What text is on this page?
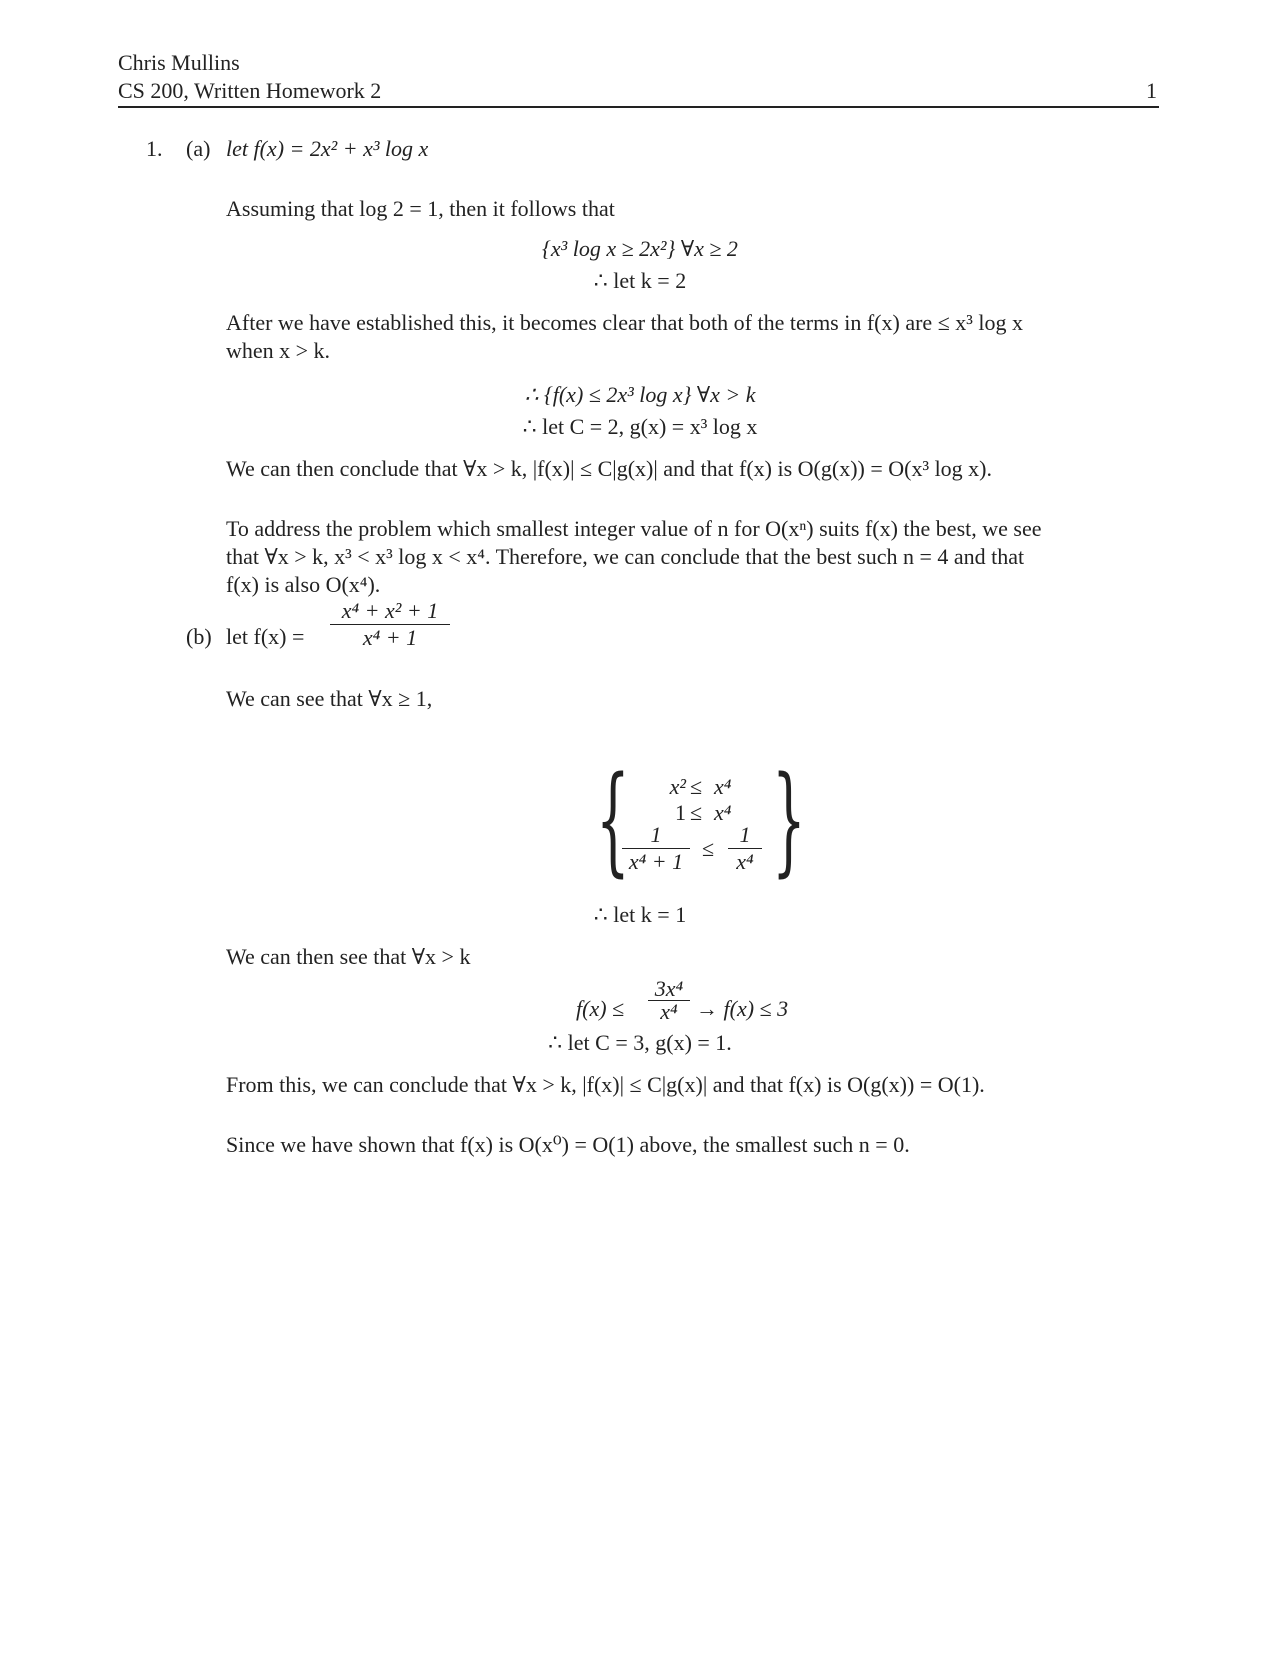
Chris Mullins
CS 200, Written Homework 2	1
1. (a) let f(x) = 2x² + x³ log x
Assuming that log 2 = 1, then it follows that
{x³ log x ≥ 2x²} ∀x ≥ 2
∴ let k = 2
After we have established this, it becomes clear that both of the terms in f(x) are ≤ x³ log x
when x > k.
∴ {f(x) ≤ 2x³ log x} ∀x > k
∴ let C = 2, g(x) = x³ log x
We can then conclude that ∀x > k, |f(x)| ≤ C|g(x)| and that f(x) is O(g(x)) = O(x³ log x).
To address the problem which smallest integer value of n for O(xⁿ) suits f(x) the best, we see
that ∀x > k, x³ < x³ log x < x⁴. Therefore, we can conclude that the best such n = 4 and that
f(x) is also O(x⁴).
(b) let $f(x) = \frac{\text{x⁴ + x² + 1}}{\text{x⁴ + 1}}$
We can see that ∀x ≥ 1,
{ }
x² ≤ x⁴
1 ≤ x⁴
$\frac{1}{\text{x⁴ + 1}} \le \frac{1}{\text{x⁴}}$
∴ let k = 1
We can then see that ∀x > k
$f(x) \le \frac{\text{3x⁴}}{\text{x⁴}} \to f(x) \le 3$
∴ let C = 3, g(x) = 1.
From this, we can conclude that ∀x > k, |f(x)| ≤ C|g(x)| and that f(x) is O(g(x)) = O(1).
Since we have shown that f(x) is O(x⁰) = O(1) above, the smallest such n = 0.
